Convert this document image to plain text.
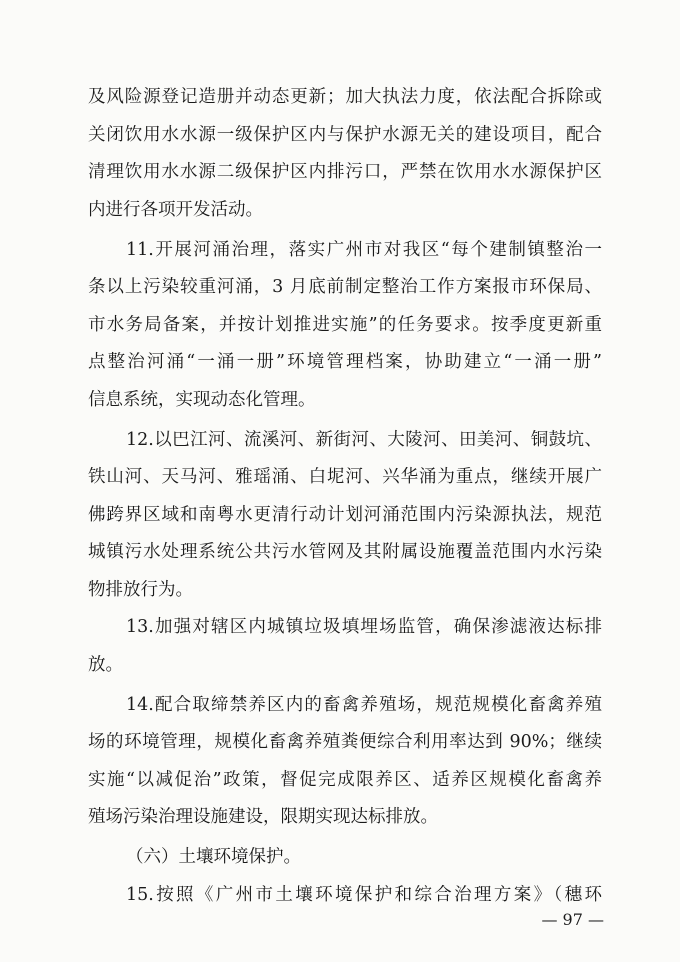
及风险源登记造册并动态更新；加大执法力度，依法配合拆除或
关闭饮用水水源一级保护区内与保护水源无关的建设项目，配合
清理饮用水水源二级保护区内排污口，严禁在饮用水水源保护区
内进行各项开发活动。
11.开展河涌治理，落实广州市对我区“每个建制镇整治一
条以上污染较重河涌，3 月底前制定整治工作方案报市环保局、
市水务局备案，并按计划推进实施”的任务要求。按季度更新重
点整治河涌“一涌一册”环境管理档案，协助建立“一涌一册”
信息系统，实现动态化管理。
12.以巴江河、流溪河、新街河、大陵河、田美河、铜鼓坑、
铁山河、天马河、雅瑶涌、白坭河、兴华涌为重点，继续开展广
佛跨界区域和南粤水更清行动计划河涌范围内污染源执法，规范
城镇污水处理系统公共污水管网及其附属设施覆盖范围内水污染
物排放行为。
13.加强对辖区内城镇垃圾填埋场监管，确保渗滤液达标排
放。
14.配合取缔禁养区内的畜禽养殖场，规范规模化畜禽养殖
场的环境管理，规模化畜禽养殖粪便综合利用率达到 90%；继续
实施“以减促治”政策，督促完成限养区、适养区规模化畜禽养
殖场污染治理设施建设，限期实现达标排放。
（六）土壤环境保护。
15.按照《广州市土壤环境保护和综合治理方案》（穗环
— 97 —
